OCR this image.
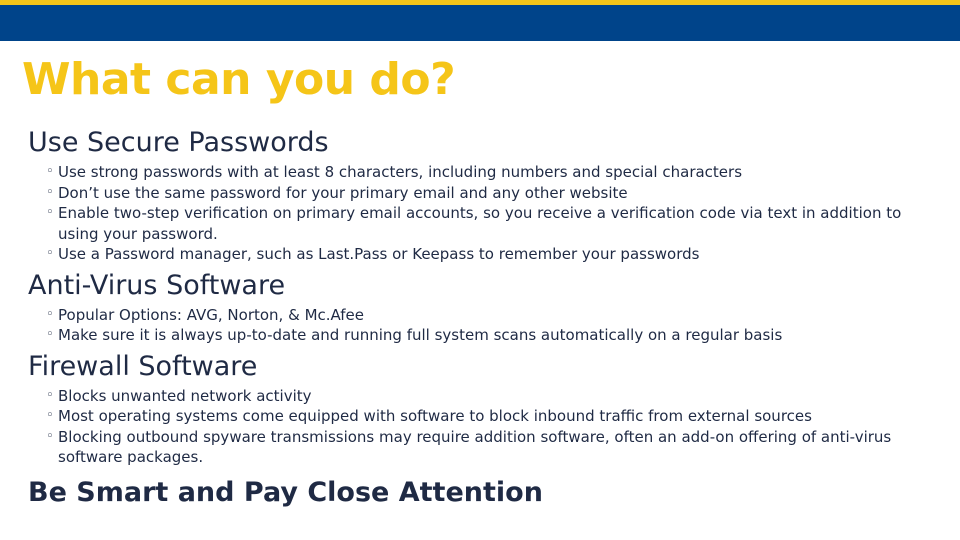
What can you do?
Use Secure Passwords
◦ Use strong passwords with at least 8 characters, including numbers and special characters
◦ Don’t use the same password for your primary email and any other website
◦ Enable two-step verification on primary email accounts, so you receive a verification code via text in addition to using your password.
◦ Use a Password manager, such as Last.Pass or Keepass to remember your passwords
Anti-Virus Software
◦ Popular Options: AVG, Norton, & Mc.Afee
◦ Make sure it is always up-to-date and running full system scans automatically on a regular basis
Firewall Software
◦ Blocks unwanted network activity
◦ Most operating systems come equipped with software to block inbound traffic from external sources
◦ Blocking outbound spyware transmissions may require addition software, often an add-on offering of anti-virus software packages.
Be Smart and Pay Close Attention
